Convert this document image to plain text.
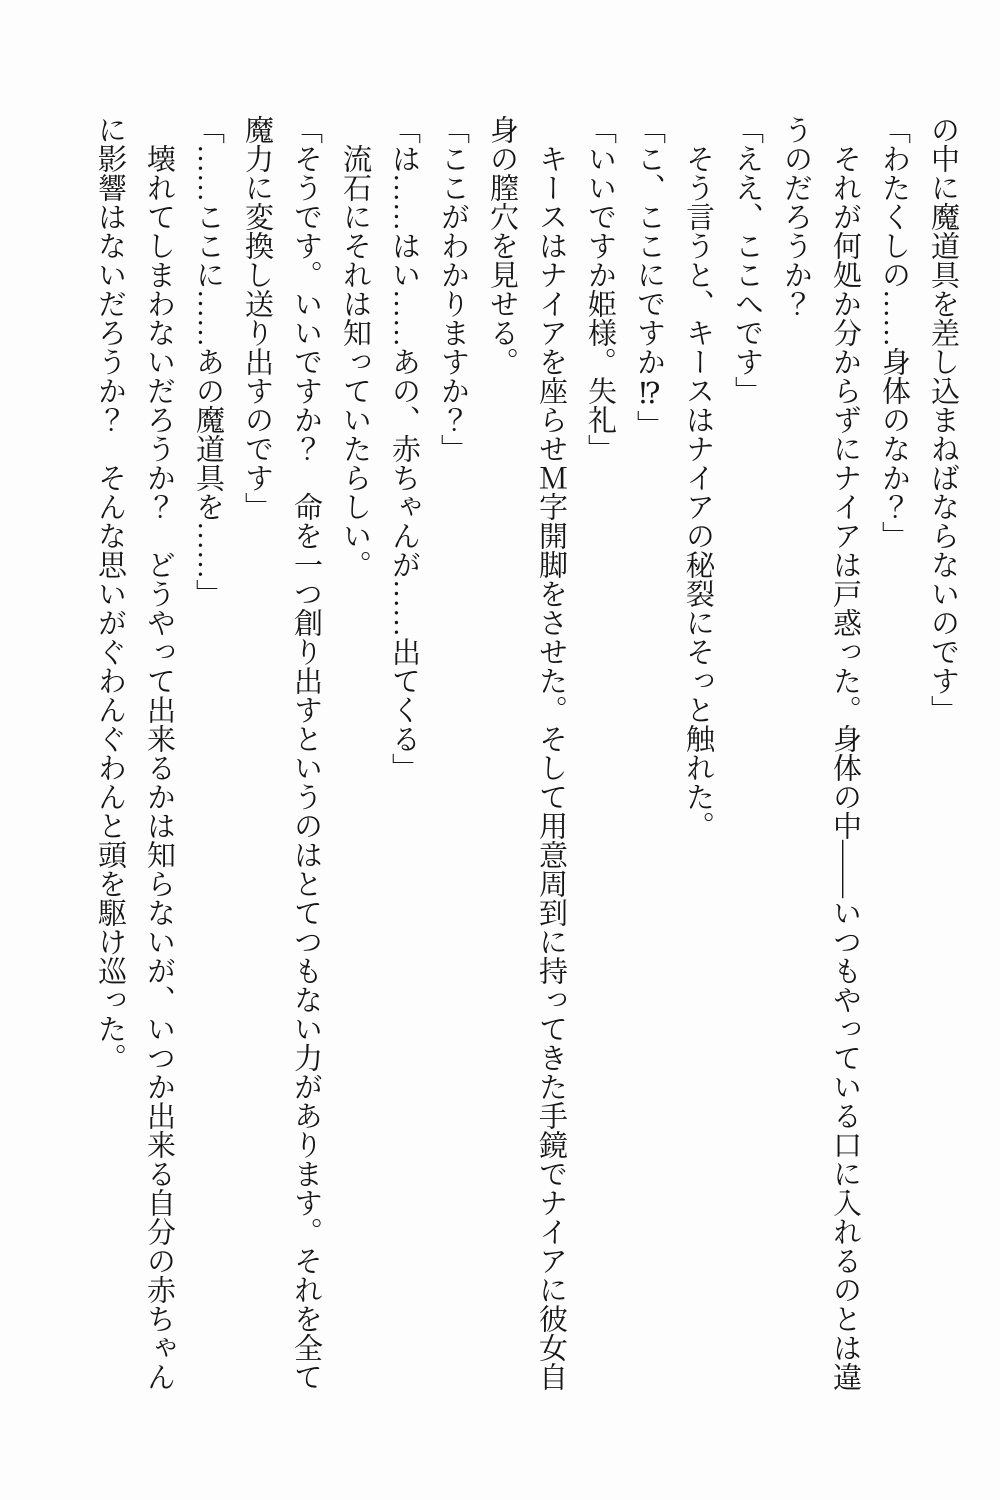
の中に魔道具を差し込まねばならないのです」

「わたくしの……身体のなか？」

それが何処か分からずにナイアは戸惑った。身体の中――いつもやっている口に入れるのとは違うのだろうか？

「ええ、ここへです」

そう言うと、キースはナイアの秘裂にそっと触れた。

「こ、ここにですか⁉」

「いいですか姫様。失礼」

キースはナイアを座らせＭ字開脚をさせた。そして用意周到に持ってきた手鏡でナイアに彼女自身の膣穴を見せる。

「ここがわかりますか？」

「は……はい……あの、赤ちゃんが……出てくる」

流石にそれは知っていたらしい。

「そうです。いいですか？　命を一つ創り出すというのはとてつもない力があります。それを全て魔力に変換し送り出すのです」

「……ここに……あの魔道具を……」

壊れてしまわないだろうか？　どうやって出来るかは知らないが、いつか出来る自分の赤ちゃんに影響はないだろうか？　そんな思いがぐわんぐわんと頭を駆け巡った。
